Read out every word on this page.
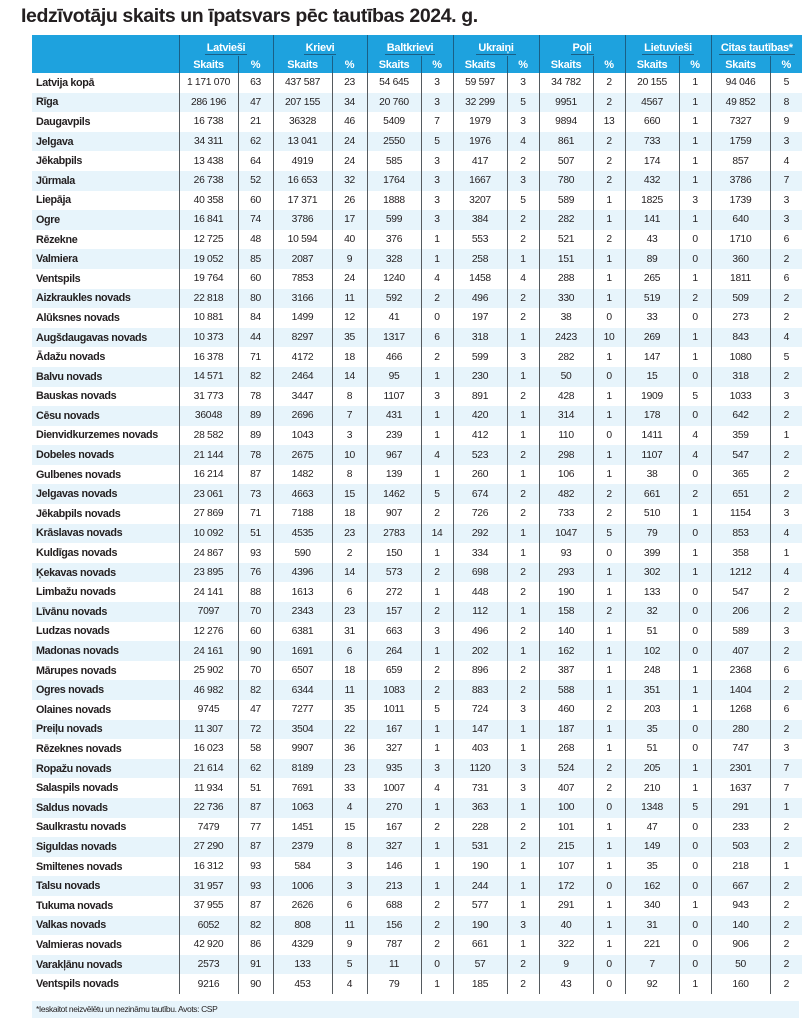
Iedzīvotāju skaits un īpatsvars pēc tautības 2024. g.
	Latvieši		Krievi		Baltkrievi		Ukraiņi		Poļi		Lietuvieši		Citas tautības*	
	Skaits	%	Skaits	%	Skaits	%	Skaits	%	Skaits	%	Skaits	%	Skaits	%
Latvija kopā	1 171 070	63	437 587	23	54 645	3	59 597	3	34 782	2	20 155	1	94 046	5
Rīga	286 196	47	207 155	34	20 760	3	32 299	5	9951	2	4567	1	49 852	8
Daugavpils	16 738	21	36328	46	5409	7	1979	3	9894	13	660	1	7327	9
Jelgava	34 311	62	13 041	24	2550	5	1976	4	861	2	733	1	1759	3
Jēkabpils	13 438	64	4919	24	585	3	417	2	507	2	174	1	857	4
Jūrmala	26 738	52	16 653	32	1764	3	1667	3	780	2	432	1	3786	7
Liepāja	40 358	60	17 371	26	1888	3	3207	5	589	1	1825	3	1739	3
Ogre	16 841	74	3786	17	599	3	384	2	282	1	141	1	640	3
Rēzekne	12 725	48	10 594	40	376	1	553	2	521	2	43	0	1710	6
Valmiera	19 052	85	2087	9	328	1	258	1	151	1	89	0	360	2
Ventspils	19 764	60	7853	24	1240	4	1458	4	288	1	265	1	1811	6
Aizkraukles novads	22 818	80	3166	11	592	2	496	2	330	1	519	2	509	2
Alūksnes novads	10 881	84	1499	12	41	0	197	2	38	0	33	0	273	2
Augšdaugavas novads	10 373	44	8297	35	1317	6	318	1	2423	10	269	1	843	4
Ādažu novads	16 378	71	4172	18	466	2	599	3	282	1	147	1	1080	5
Balvu novads	14 571	82	2464	14	95	1	230	1	50	0	15	0	318	2
Bauskas novads	31 773	78	3447	8	1107	3	891	2	428	1	1909	5	1033	3
Cēsu novads	36048	89	2696	7	431	1	420	1	314	1	178	0	642	2
Dienvidkurzemes novads	28 582	89	1043	3	239	1	412	1	110	0	1411	4	359	1
Dobeles novads	21 144	78	2675	10	967	4	523	2	298	1	1107	4	547	2
Gulbenes novads	16 214	87	1482	8	139	1	260	1	106	1	38	0	365	2
Jelgavas novads	23 061	73	4663	15	1462	5	674	2	482	2	661	2	651	2
Jēkabpils novads	27 869	71	7188	18	907	2	726	2	733	2	510	1	1154	3
Krāslavas novads	10 092	51	4535	23	2783	14	292	1	1047	5	79	0	853	4
Kuldīgas novads	24 867	93	590	2	150	1	334	1	93	0	399	1	358	1
Ķekavas novads	23 895	76	4396	14	573	2	698	2	293	1	302	1	1212	4
Limbažu novads	24 141	88	1613	6	272	1	448	2	190	1	133	0	547	2
Līvānu novads	7097	70	2343	23	157	2	112	1	158	2	32	0	206	2
Ludzas novads	12 276	60	6381	31	663	3	496	2	140	1	51	0	589	3
Madonas novads	24 161	90	1691	6	264	1	202	1	162	1	102	0	407	2
Mārupes novads	25 902	70	6507	18	659	2	896	2	387	1	248	1	2368	6
Ogres novads	46 982	82	6344	11	1083	2	883	2	588	1	351	1	1404	2
Olaines novads	9745	47	7277	35	1011	5	724	3	460	2	203	1	1268	6
Preiļu novads	11 307	72	3504	22	167	1	147	1	187	1	35	0	280	2
Rēzeknes novads	16 023	58	9907	36	327	1	403	1	268	1	51	0	747	3
Ropažu novads	21 614	62	8189	23	935	3	1120	3	524	2	205	1	2301	7
Salaspils novads	11 934	51	7691	33	1007	4	731	3	407	2	210	1	1637	7
Saldus novads	22 736	87	1063	4	270	1	363	1	100	0	1348	5	291	1
Saulkrastu novads	7479	77	1451	15	167	2	228	2	101	1	47	0	233	2
Siguldas novads	27 290	87	2379	8	327	1	531	2	215	1	149	0	503	2
Smiltenes novads	16 312	93	584	3	146	1	190	1	107	1	35	0	218	1
Talsu novads	31 957	93	1006	3	213	1	244	1	172	0	162	0	667	2
Tukuma novads	37 955	87	2626	6	688	2	577	1	291	1	340	1	943	2
Valkas novads	6052	82	808	11	156	2	190	3	40	1	31	0	140	2
Valmieras novads	42 920	86	4329	9	787	2	661	1	322	1	221	0	906	2
Varakļānu novads	2573	91	133	5	11	0	57	2	9	0	7	0	50	2
Ventspils novads	9216	90	453	4	79	1	185	2	43	0	92	1	160	2
*Ieskaitot neizvēlētu un nezināmu tautību. Avots: CSP
